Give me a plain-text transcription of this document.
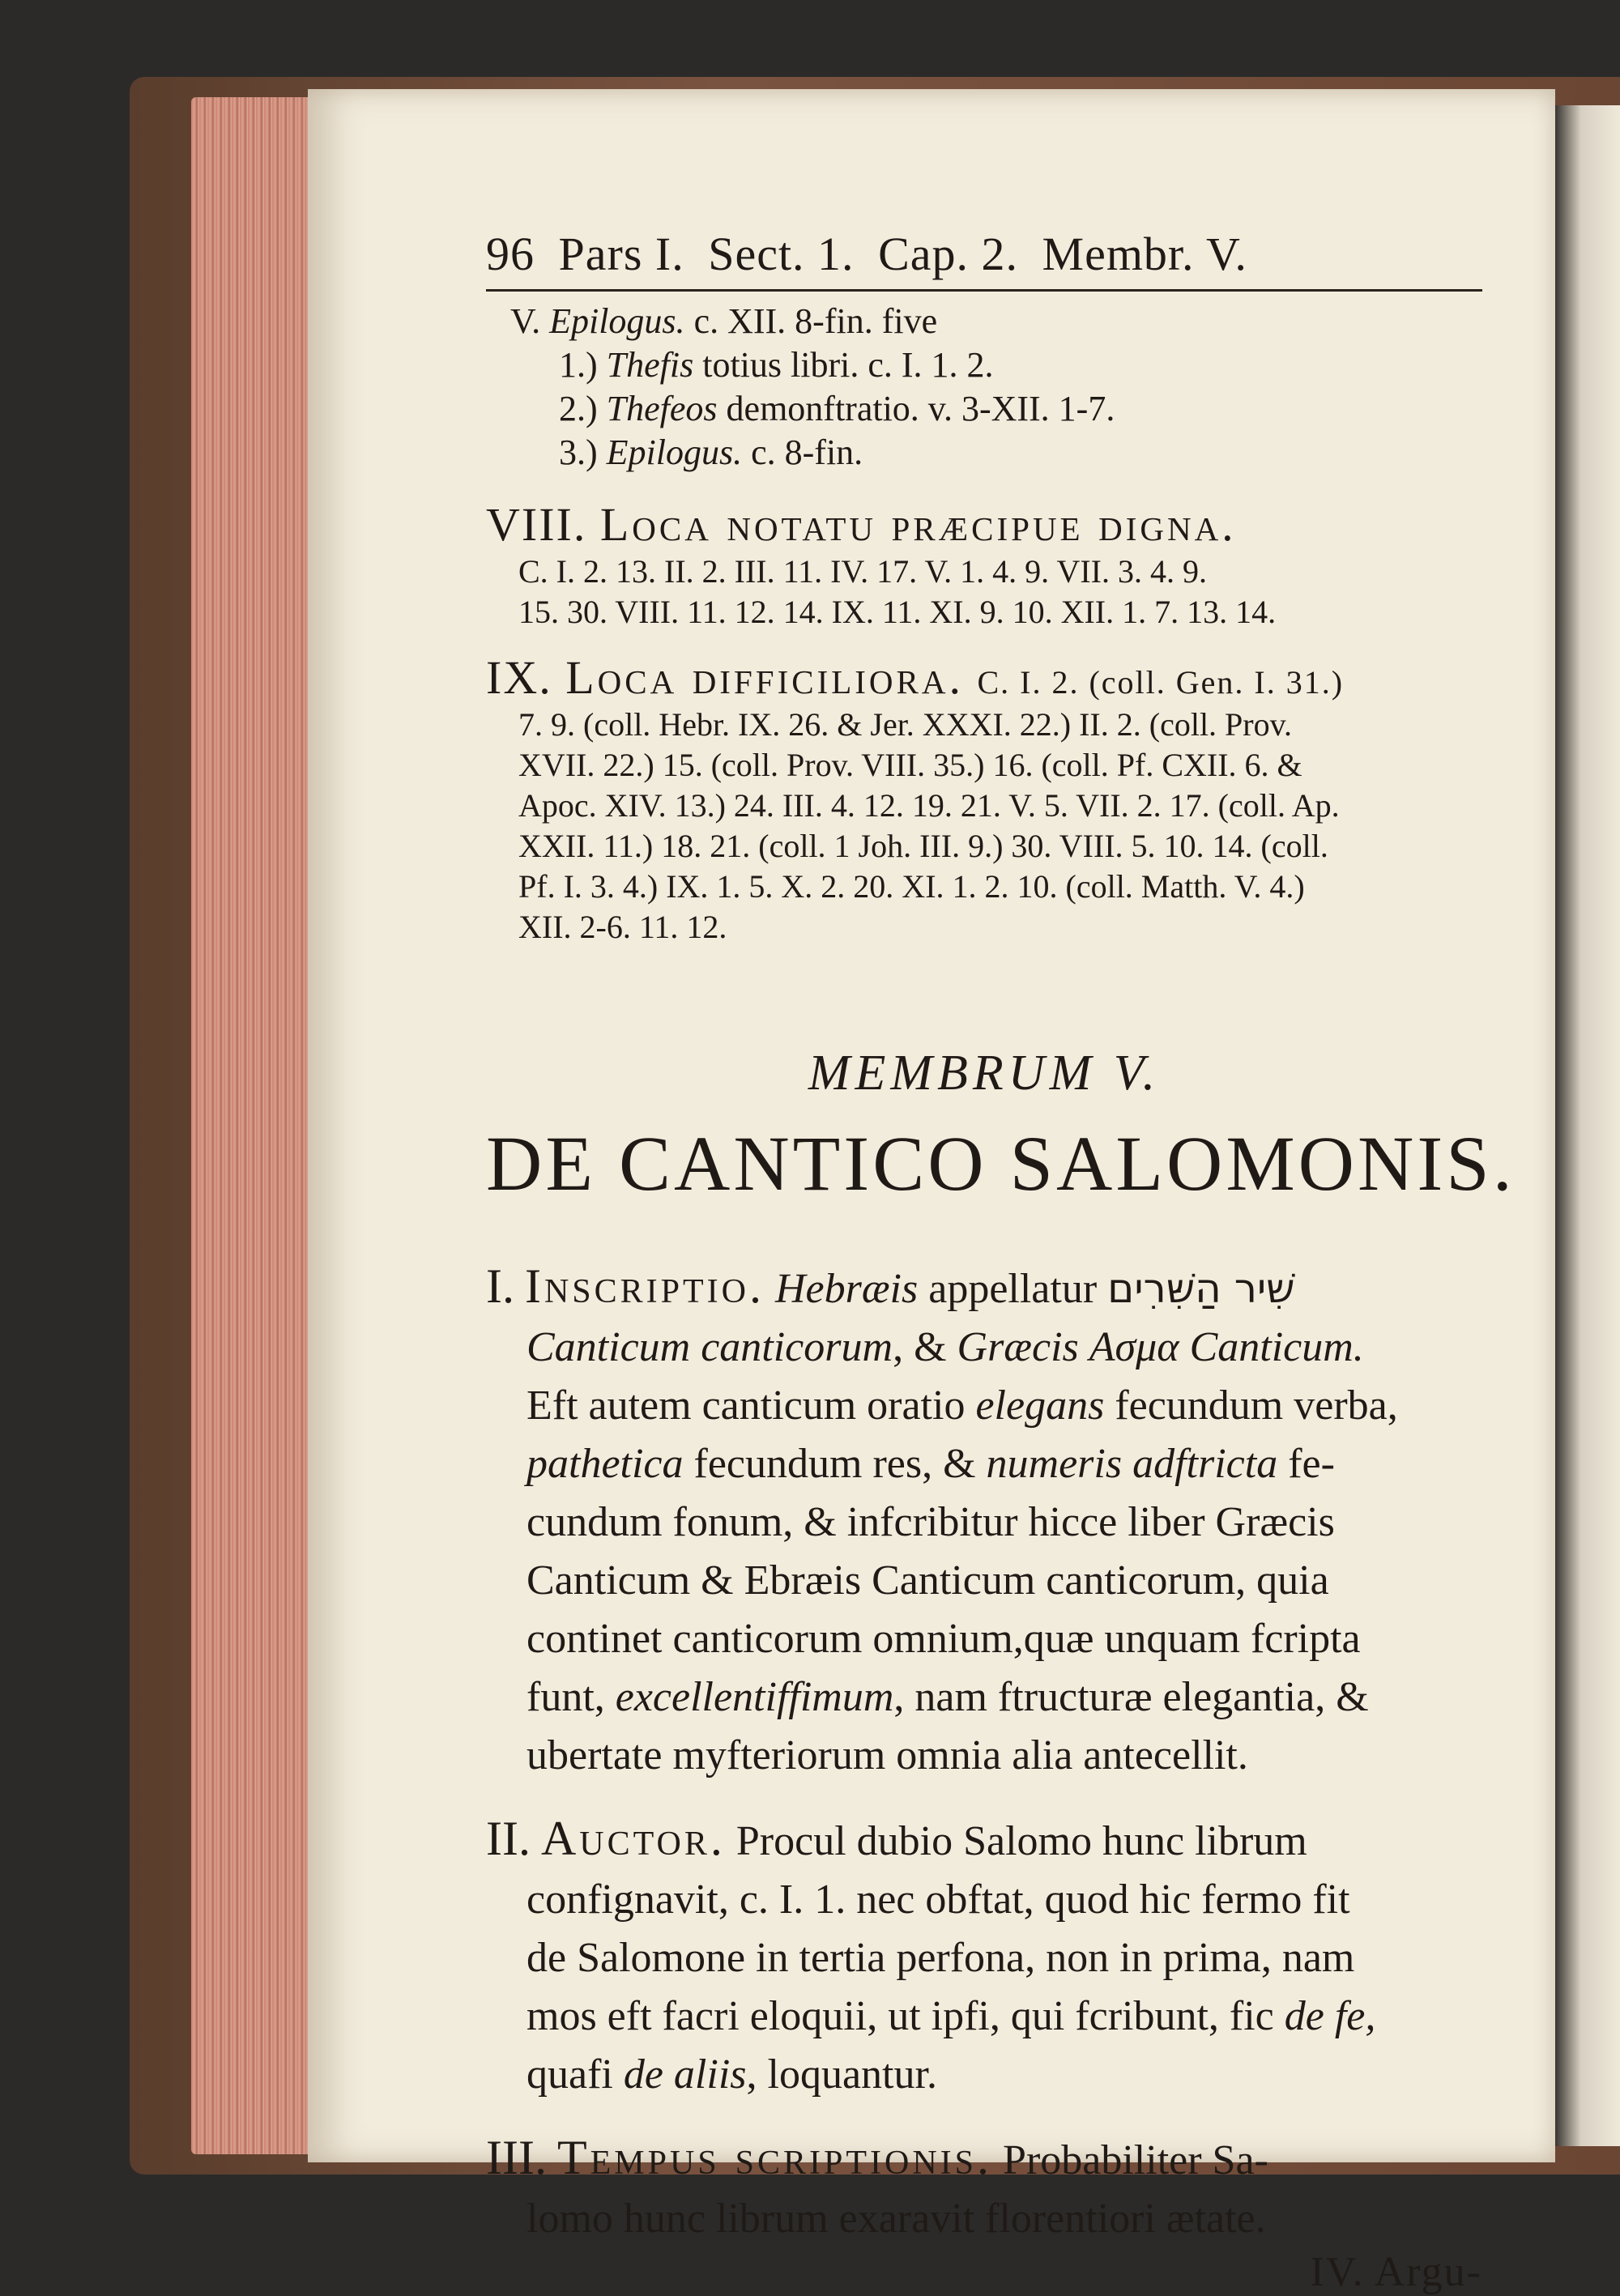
96 Pars I. Sect. 1. Cap. 2. Membr. V.
V. Epilogus. c. XII. 8-fin. five
1.) Thefis totius libri. c. I. 1. 2.
2.) Thefeos demonftratio. v. 3-XII. 1-7.
3.) Epilogus. c. 8-fin.
VIII. Loca notatu præcipue digna.
C. I. 2. 13. II. 2. III. 11. IV. 17. V. 1. 4. 9. VII. 3. 4. 9.
15. 30. VIII. 11. 12. 14. IX. 11. XI. 9. 10. XII. 1. 7. 13. 14.
IX. Loca difficiliora. C. I. 2. (coll. Gen. I. 31.)
7. 9. (coll. Hebr. IX. 26. & Jer. XXXI. 22.) II. 2. (coll. Prov.
XVII. 22.) 15. (coll. Prov. VIII. 35.) 16. (coll. Pf. CXII. 6. &
Apoc. XIV. 13.) 24. III. 4. 12. 19. 21. V. 5. VII. 2. 17. (coll. Ap.
XXII. 11.) 18. 21. (coll. 1 Joh. III. 9.) 30. VIII. 5. 10. 14. (coll.
Pf. I. 3. 4.) IX. 1. 5. X. 2. 20. XI. 1. 2. 10. (coll. Matth. V. 4.)
XII. 2-6. 11. 12.
MEMBRUM V.
DE CANTICO SALOMONIS.
I. Inscriptio. Hebræis appellatur שִׁיר הַשִּׁרִים
Canticum canticorum, & Græcis Ασμα Canticum.
Eft autem canticum oratio elegans fecundum verba,
pathetica fecundum res, & numeris adftricta fe-
cundum fonum, & infcribitur hicce liber Græcis
Canticum & Ebræis Canticum canticorum, quia
continet canticorum omnium,quæ unquam fcripta
funt, excellentiffimum, nam ftructuræ elegantia, &
ubertate myfteriorum omnia alia antecellit.
II. Auctor. Procul dubio Salomo hunc librum
confignavit, c. I. 1. nec obftat, quod hic fermo fit
de Salomone in tertia perfona, non in prima, nam
mos eft facri eloquii, ut ipfi, qui fcribunt, fic de fe,
quafi de aliis, loquantur.
III. Tempus scriptionis. Probabiliter Sa-
lomo hunc librum exaravit florentiori ætate.
IV. Argu-
